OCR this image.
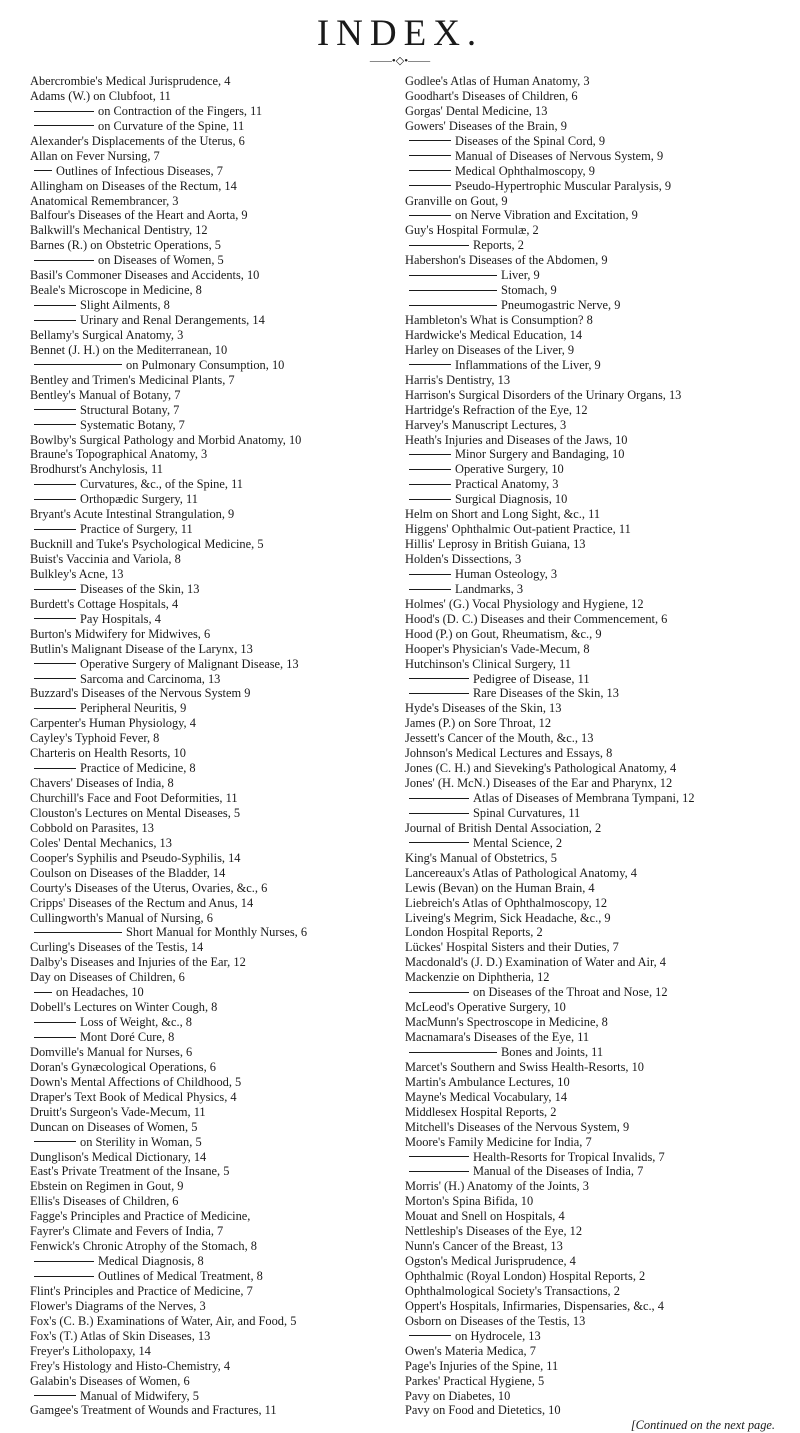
INDEX.
——•◇•——
Abercrombie's Medical Jurisprudence, 4
Adams (W.) on Clubfoot, 11
on Contraction of the Fingers, 11
on Curvature of the Spine, 11
Alexander's Displacements of the Uterus, 6
Allan on Fever Nursing, 7
Outlines of Infectious Diseases, 7
Allingham on Diseases of the Rectum, 14
Anatomical Remembrancer, 3
Balfour's Diseases of the Heart and Aorta, 9
Balkwill's Mechanical Dentistry, 12
Barnes (R.) on Obstetric Operations, 5
on Diseases of Women, 5
Basil's Commoner Diseases and Accidents, 10
Beale's Microscope in Medicine, 8
Slight Ailments, 8
Urinary and Renal Derangements, 14
Bellamy's Surgical Anatomy, 3
Bennet (J. H.) on the Mediterranean, 10
on Pulmonary Consumption, 10
Bentley and Trimen's Medicinal Plants, 7
Bentley's Manual of Botany, 7
Structural Botany, 7
Systematic Botany, 7
Bowlby's Surgical Pathology and Morbid Anatomy, 10
Braune's Topographical Anatomy, 3
Brodhurst's Anchylosis, 11
Curvatures, &c., of the Spine, 11
Orthopædic Surgery, 11
Bryant's Acute Intestinal Strangulation, 9
Practice of Surgery, 11
Bucknill and Tuke's Psychological Medicine, 5
Buist's Vaccinia and Variola, 8
Bulkley's Acne, 13
Diseases of the Skin, 13
Burdett's Cottage Hospitals, 4
Pay Hospitals, 4
Burton's Midwifery for Midwives, 6
Butlin's Malignant Disease of the Larynx, 13
Operative Surgery of Malignant Disease, 13
Sarcoma and Carcinoma, 13
Buzzard's Diseases of the Nervous System 9
Peripheral Neuritis, 9
Carpenter's Human Physiology, 4
Cayley's Typhoid Fever, 8
Charteris on Health Resorts, 10
Practice of Medicine, 8
Chavers' Diseases of India, 8
Churchill's Face and Foot Deformities, 11
Clouston's Lectures on Mental Diseases, 5
Cobbold on Parasites, 13
Coles' Dental Mechanics, 13
Cooper's Syphilis and Pseudo-Syphilis, 14
Coulson on Diseases of the Bladder, 14
Courty's Diseases of the Uterus, Ovaries, &c., 6
Cripps' Diseases of the Rectum and Anus, 14
Cullingworth's Manual of Nursing, 6
Short Manual for Monthly Nurses, 6
Curling's Diseases of the Testis, 14
Dalby's Diseases and Injuries of the Ear, 12
Day on Diseases of Children, 6
on Headaches, 10
Dobell's Lectures on Winter Cough, 8
Loss of Weight, &c., 8
Mont Doré Cure, 8
Domville's Manual for Nurses, 6
Doran's Gynæcological Operations, 6
Down's Mental Affections of Childhood, 5
Draper's Text Book of Medical Physics, 4
Druitt's Surgeon's Vade-Mecum, 11
Duncan on Diseases of Women, 5
on Sterility in Woman, 5
Dunglison's Medical Dictionary, 14
East's Private Treatment of the Insane, 5
Ebstein on Regimen in Gout, 9
Ellis's Diseases of Children, 6
Fagge's Principles and Practice of Medicine,
Fayrer's Climate and Fevers of India, 7
Fenwick's Chronic Atrophy of the Stomach, 8
Medical Diagnosis, 8
Outlines of Medical Treatment, 8
Flint's Principles and Practice of Medicine, 7
Flower's Diagrams of the Nerves, 3
Fox's (C. B.) Examinations of Water, Air, and Food, 5
Fox's (T.) Atlas of Skin Diseases, 13
Freyer's Litholopaxy, 14
Frey's Histology and Histo-Chemistry, 4
Galabin's Diseases of Women, 6
Manual of Midwifery, 5
Gamgee's Treatment of Wounds and Fractures, 11
Godlee's Atlas of Human Anatomy, 3
Goodhart's Diseases of Children, 6
Gorgas' Dental Medicine, 13
Gowers' Diseases of the Brain, 9
Diseases of the Spinal Cord, 9
Manual of Diseases of Nervous System, 9
Medical Ophthalmoscopy, 9
Pseudo-Hypertrophic Muscular Paralysis, 9
Granville on Gout, 9
on Nerve Vibration and Excitation, 9
Guy's Hospital Formulæ, 2
Reports, 2
Habershon's Diseases of the Abdomen, 9
Liver, 9
Stomach, 9
Pneumogastric Nerve, 9
Hambleton's What is Consumption? 8
Hardwicke's Medical Education, 14
Harley on Diseases of the Liver, 9
Inflammations of the Liver, 9
Harris's Dentistry, 13
Harrison's Surgical Disorders of the Urinary Organs, 13
Hartridge's Refraction of the Eye, 12
Harvey's Manuscript Lectures, 3
Heath's Injuries and Diseases of the Jaws, 10
Minor Surgery and Bandaging, 10
Operative Surgery, 10
Practical Anatomy, 3
Surgical Diagnosis, 10
Helm on Short and Long Sight, &c., 11
Higgens' Ophthalmic Out-patient Practice, 11
Hillis' Leprosy in British Guiana, 13
Holden's Dissections, 3
Human Osteology, 3
Landmarks, 3
Holmes' (G.) Vocal Physiology and Hygiene, 12
Hood's (D. C.) Diseases and their Commencement, 6
Hood (P.) on Gout, Rheumatism, &c., 9
Hooper's Physician's Vade-Mecum, 8
Hutchinson's Clinical Surgery, 11
Pedigree of Disease, 11
Rare Diseases of the Skin, 13
Hyde's Diseases of the Skin, 13
James (P.) on Sore Throat, 12
Jessett's Cancer of the Mouth, &c., 13
Johnson's Medical Lectures and Essays, 8
Jones (C. H.) and Sieveking's Pathological Anatomy, 4
Jones' (H. McN.) Diseases of the Ear and Pharynx, 12
Atlas of Diseases of Membrana Tympani, 12
Spinal Curvatures, 11
Journal of British Dental Association, 2
Mental Science, 2
King's Manual of Obstetrics, 5
Lancereaux's Atlas of Pathological Anatomy, 4
Lewis (Bevan) on the Human Brain, 4
Liebreich's Atlas of Ophthalmoscopy, 12
Liveing's Megrim, Sick Headache, &c., 9
London Hospital Reports, 2
Lückes' Hospital Sisters and their Duties, 7
Macdonald's (J. D.) Examination of Water and Air, 4
Mackenzie on Diphtheria, 12
on Diseases of the Throat and Nose, 12
McLeod's Operative Surgery, 10
MacMunn's Spectroscope in Medicine, 8
Macnamara's Diseases of the Eye, 11
Bones and Joints, 11
Marcet's Southern and Swiss Health-Resorts, 10
Martin's Ambulance Lectures, 10
Mayne's Medical Vocabulary, 14
Middlesex Hospital Reports, 2
Mitchell's Diseases of the Nervous System, 9
Moore's Family Medicine for India, 7
Health-Resorts for Tropical Invalids, 7
Manual of the Diseases of India, 7
Morris' (H.) Anatomy of the Joints, 3
Morton's Spina Bifida, 10
Mouat and Snell on Hospitals, 4
Nettleship's Diseases of the Eye, 12
Nunn's Cancer of the Breast, 13
Ogston's Medical Jurisprudence, 4
Ophthalmic (Royal London) Hospital Reports, 2
Ophthalmological Society's Transactions, 2
Oppert's Hospitals, Infirmaries, Dispensaries, &c., 4
Osborn on Diseases of the Testis, 13
on Hydrocele, 13
Owen's Materia Medica, 7
Page's Injuries of the Spine, 11
Parkes' Practical Hygiene, 5
Pavy on Diabetes, 10
Pavy on Food and Dietetics, 10
[Continued on the next page.
